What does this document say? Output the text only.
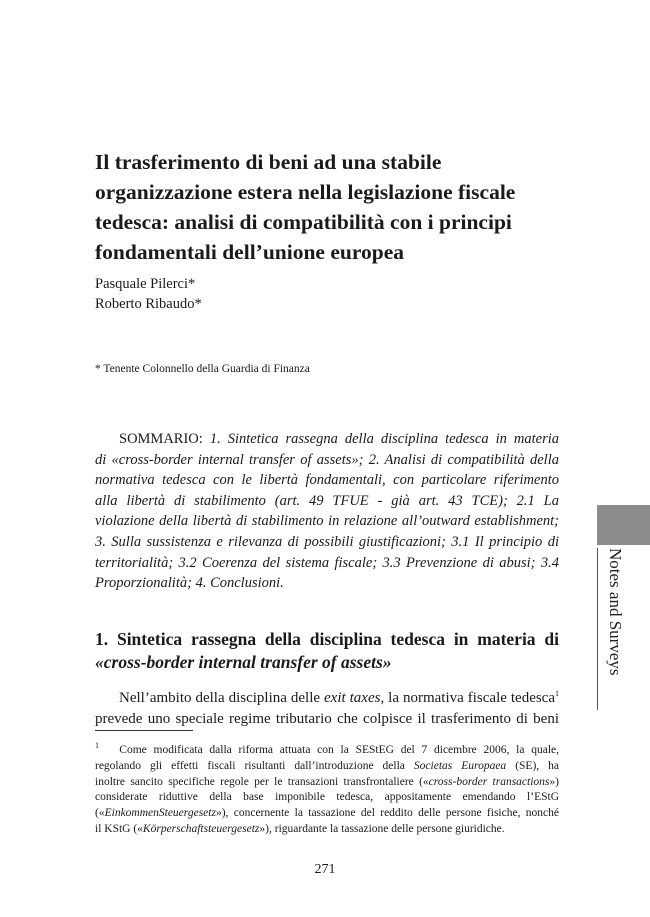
Il trasferimento di beni ad una stabile
organizzazione estera nella legislazione fiscale
tedesca: analisi di compatibilità con i principi
fondamentali dell’unione europea
Pasquale Pilerci*
Roberto Ribaudo*
* Tenente Colonnello della Guardia di Finanza
SOMMARIO: 1. Sintetica rassegna della disciplina tedesca in materia
di «cross-border internal transfer of assets»; 2. Analisi di compatibilità della
normativa tedesca con le libertà fondamentali, con particolare riferimento
alla libertà di stabilimento (art. 49 TFUE - già art. 43 TCE); 2.1 La
violazione della libertà di stabilimento in relazione all’outward establishment;
3. Sulla sussistenza e rilevanza di possibili giustificazioni; 3.1 Il principio di
territorialità; 3.2 Coerenza del sistema fiscale; 3.3 Prevenzione di abusi; 3.4
Proporzionalità; 4. Conclusioni.
1. Sintetica rassegna della disciplina tedesca in materia di
«cross-border internal transfer of assets»
Nell’ambito della disciplina delle exit taxes, la normativa fiscale tedesca$^1$
prevede uno speciale regime tributario che colpisce il trasferimento di beni
$^1$ Come modificata dalla riforma attuata con la SEStEG del 7 dicembre 2006, la quale,
regolando gli effetti fiscali risultanti dall’introduzione della Societas Europaea (SE), ha
inoltre sancito specifiche regole per le transazioni transfrontaliere («cross-border transactions»)
considerate riduttive della base imponibile tedesca, appositamente emendando l’EStG
(«EinkommenSteuergesetz»), concernente la tassazione del reddito delle persone fisiche, nonché
il KStG («Körperschaftsteuergesetz»), riguardante la tassazione delle persone giuridiche.
Notes and Surveys
271
